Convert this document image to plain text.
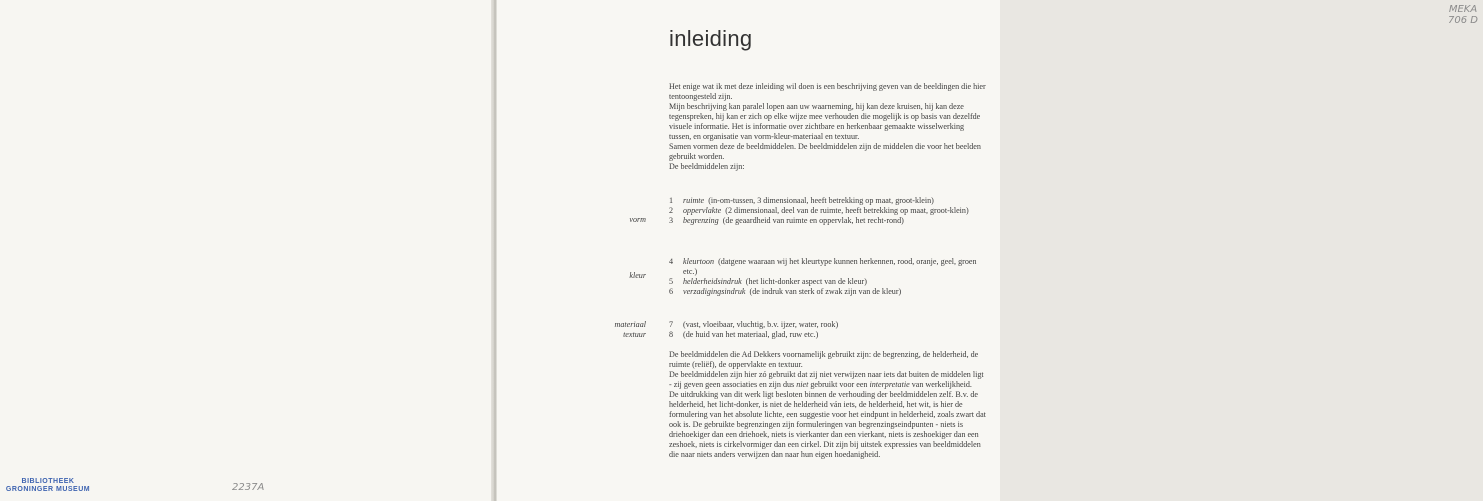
BIBLIOTHEEK
GRONINGER MUSEUM	2237A
MEKA
706 D
inleiding

Het enige wat ik met deze inleiding wil doen is een beschrijving geven van de beeldingen die hier tentoongesteld zijn.

Mijn beschrijving kan paralel lopen aan uw waarneming, hij kan deze kruisen, hij kan deze tegenspreken, hij kan er zich op elke wijze mee verhouden die mogelijk is op basis van dezelfde visuele informatie. Het is informatie over zichtbare en herkenbaar gemaakte wisselwerking tussen, en organisatie van vorm-kleur-materiaal en textuur.

Samen vormen deze de beeldmiddelen. De beeldmiddelen zijn de middelen die voor het beelden gebruikt worden.

De beeldmiddelen zijn:

vorm
1 ruimte (in-om-tussen, 3 dimensionaal, heeft betrekking op maat, groot-klein)
2 oppervlakte (2 dimensionaal, deel van de ruimte, heeft betrekking op maat, groot-klein)
3 begrenzing (de geaardheid van ruimte en oppervlak, het recht-rond)
kleur
4 kleurtoon (datgene waaraan wij het kleurtype kunnen herkennen, rood, oranje, geel, groen etc.)
5 helderheidsindruk (het licht-donker aspect van de kleur)
6 verzadigingsindruk (de indruk van sterk of zwak zijn van de kleur)
materiaal
textuur
7 (vast, vloeibaar, vluchtig, b.v. ijzer, water, rook)
8 (de huid van het materiaal, glad, ruw etc.)

De beeldmiddelen die Ad Dekkers voornamelijk gebruikt zijn: de begrenzing, de helderheid, de ruimte (reliëf), de oppervlakte en textuur.

De beeldmiddelen zijn hier zó gebruikt dat zij niet verwijzen naar iets dat buiten de middelen ligt - zij geven geen associaties en zijn dus niet gebruikt voor een interpretatie van werkelijkheid.

De uitdrukking van dit werk ligt besloten binnen de verhouding der beeldmiddelen zelf. B.v. de helderheid, het licht-donker, is niet de helderheid ván iets, de helderheid, het wit, is hier de formulering van het absolute lichte, een suggestie voor het eindpunt in helderheid, zoals zwart dat ook is. De gebruikte begrenzingen zijn formuleringen van begrenzingseindpunten - niets is driehoekiger dan een driehoek, niets is vierkanter dan een vierkant, niets is zeshoekiger dan een zeshoek, niets is cirkelvormiger dan een cirkel. Dit zijn bij uitstek expressies van beeldmiddelen die naar niets anders verwijzen dan naar hun eigen hoedanigheid.
